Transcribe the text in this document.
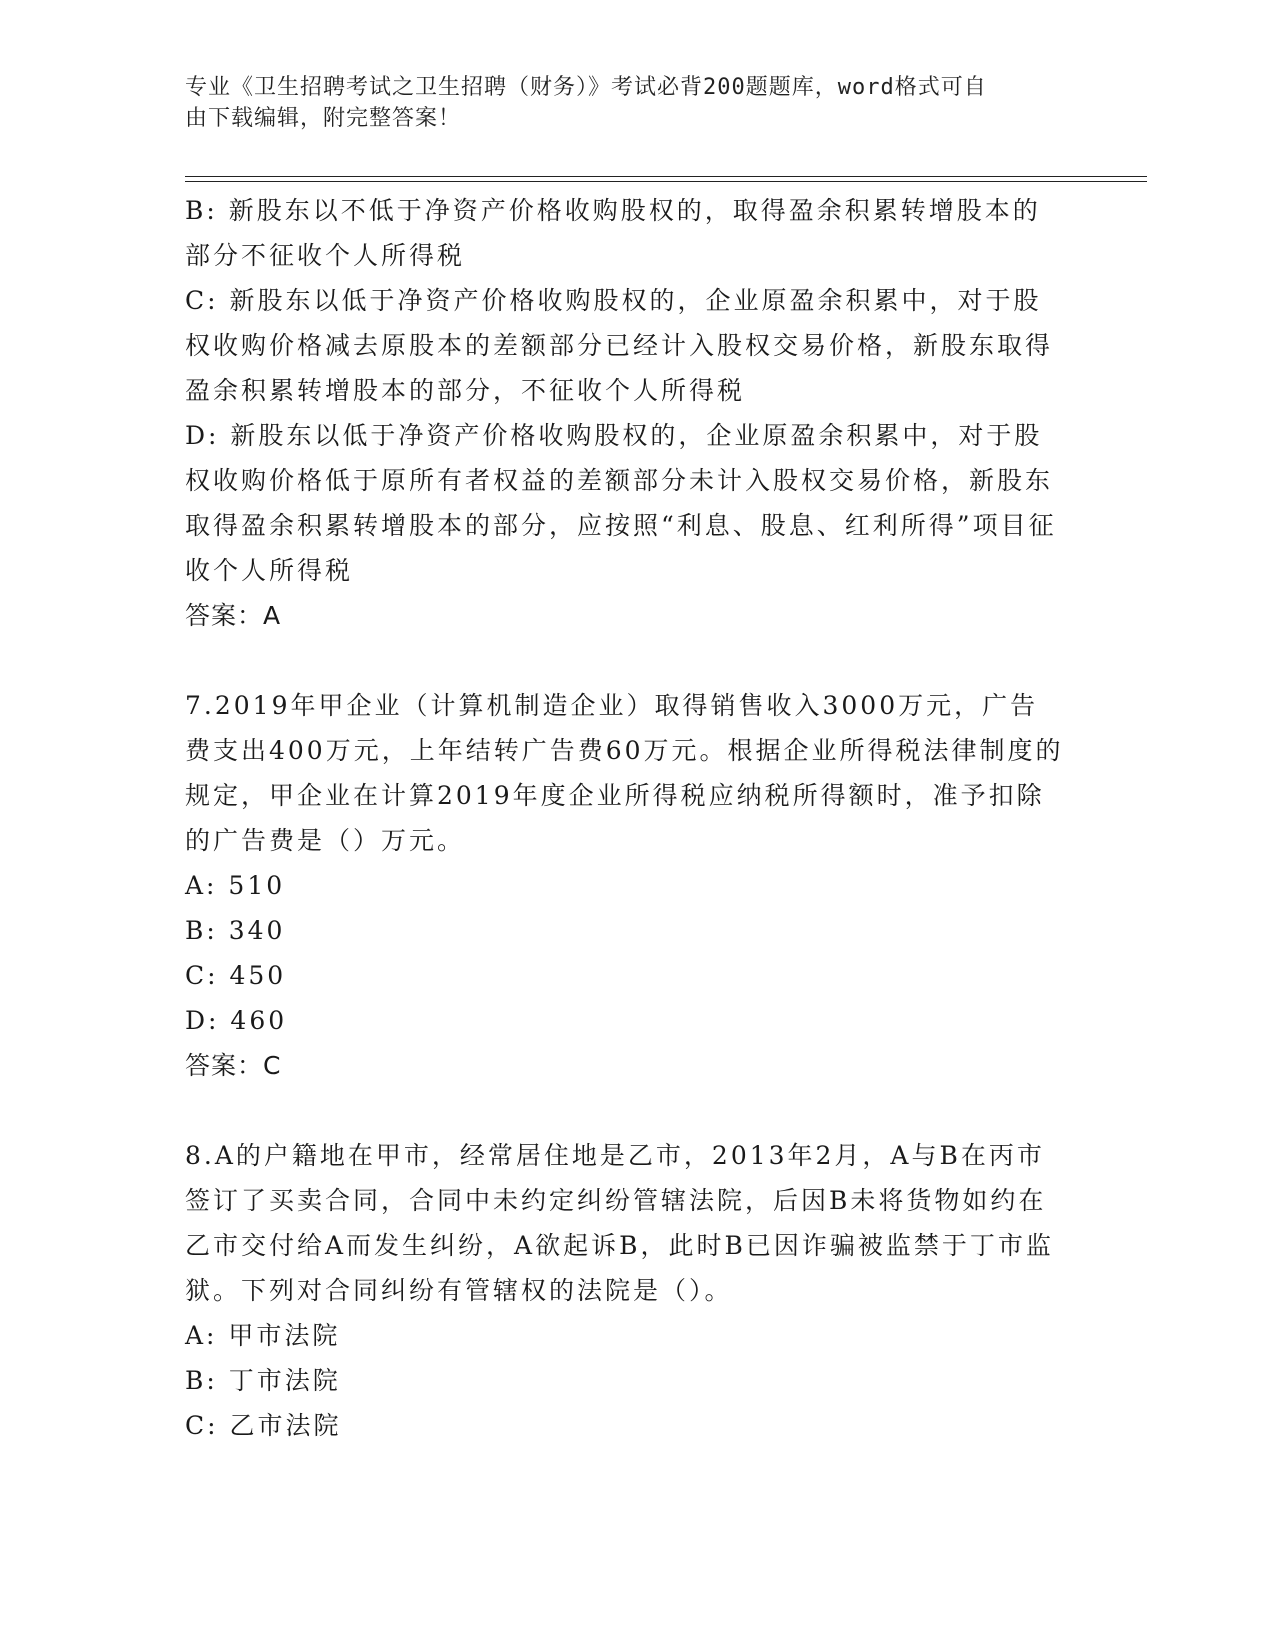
专业《卫生招聘考试之卫生招聘（财务）》考试必背200题题库，word格式可自
由下载编辑，附完整答案！

B: 新股东以不低于净资产价格收购股权的，取得盈余积累转增股本的部分不征收个人所得税

C: 新股东以低于净资产价格收购股权的，企业原盈余积累中，对于股权收购价格减去原股本的差额部分已经计入股权交易价格，新股东取得盈余积累转增股本的部分，不征收个人所得税

D: 新股东以低于净资产价格收购股权的，企业原盈余积累中，对于股权收购价格低于原所有者权益的差额部分未计入股权交易价格，新股东取得盈余积累转增股本的部分，应按照“利息、股息、红利所得”项目征收个人所得税

答案：A

7.2019年甲企业（计算机制造企业）取得销售收入3000万元，广告费支出400万元，上年结转广告费60万元。根据企业所得税法律制度的规定，甲企业在计算2019年度企业所得税应纳税所得额时，准予扣除的广告费是（）万元。

A: 510

B: 340

C: 450

D: 460

答案：C

8.A的户籍地在甲市，经常居住地是乙市，2013年2月，A与B在丙市签订了买卖合同，合同中未约定纠纷管辖法院，后因B未将货物如约在乙市交付给A而发生纠纷，A欲起诉B，此时B已因诈骗被监禁于丁市监狱。下列对合同纠纷有管辖权的法院是（）。

A: 甲市法院

B: 丁市法院

C: 乙市法院
